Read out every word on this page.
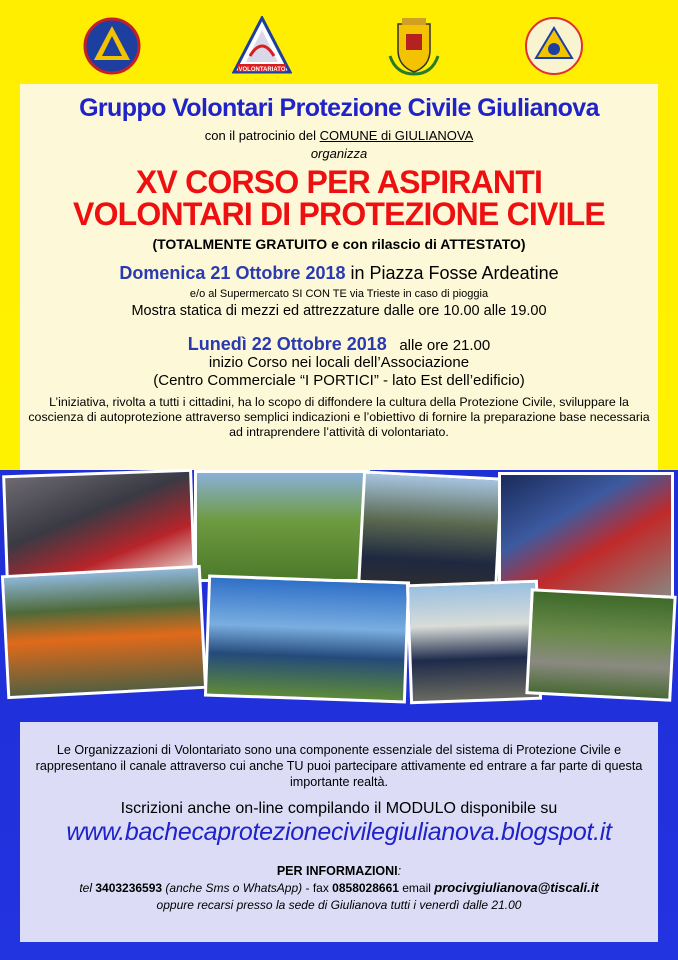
VOLONTARIATO
Gruppo Volontari Protezione Civile Giulianova
con il patrocinio del COMUNE di GIULIANOVA
organizza
XV CORSO PER ASPIRANTI
VOLONTARI DI PROTEZIONE CIVILE
(TOTALMENTE GRATUITO e con rilascio di ATTESTATO)
Domenica 21 Ottobre 2018 in Piazza Fosse Ardeatine
e/o al Supermercato SI CON TE via Trieste in caso di pioggia
Mostra statica di mezzi ed attrezzature dalle ore 10.00 alle 19.00
Lunedì 22 Ottobre 2018   alle ore 21.00
inizio Corso nei locali dell’Associazione
(Centro Commerciale “I PORTICI” - lato Est dell’edificio)
L’iniziativa, rivolta a tutti i cittadini, ha lo scopo di diffondere la cultura della Protezione Civile, sviluppare la coscienza di autoprotezione attraverso semplici indicazioni e l’obiettivo di fornire la preparazione base necessaria ad intraprendere l’attività di volontariato.
Le Organizzazioni di Volontariato sono una componente essenziale del sistema di Protezione Civile e rappresentano il canale attraverso cui anche TU puoi partecipare attivamente ed entrare a far parte di questa importante realtà.
Iscrizioni anche on-line compilando il MODULO disponibile su
www.bachecaprotezionecivilegiulianova.blogspot.it
PER INFORMAZIONI:
tel 3403236593 (anche Sms o WhatsApp) - fax 0858028661 email procivgiulianova@tiscali.it
oppure recarsi presso la sede di Giulianova tutti i venerdì dalle 21.00
